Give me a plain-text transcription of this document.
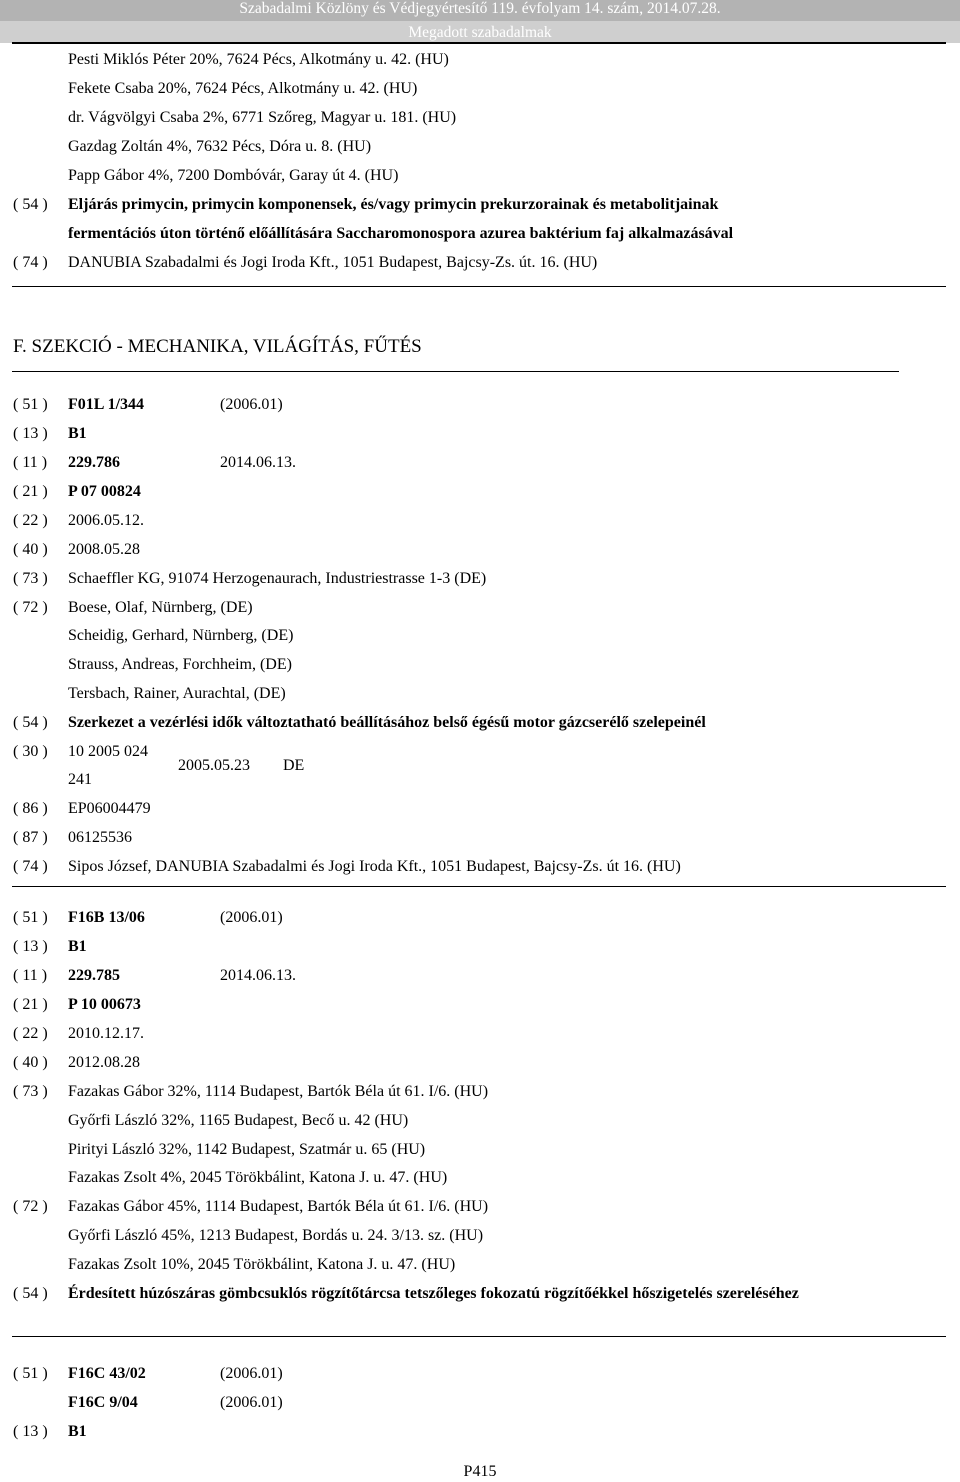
Szabadalmi Közlöny és Védjegyértesítő 119. évfolyam 14. szám, 2014.07.28.
Megadott szabadalmak
Pesti Miklós Péter 20%, 7624 Pécs, Alkotmány u. 42. (HU)
Fekete Csaba 20%, 7624 Pécs, Alkotmány u. 42. (HU)
dr. Vágvölgyi Csaba 2%, 6771 Szőreg, Magyar u. 181. (HU)
Gazdag Zoltán 4%, 7632 Pécs, Dóra u. 8. (HU)
Papp Gábor 4%, 7200 Dombóvár, Garay út 4. (HU)
( 54 ) Eljárás primycin, primycin komponensek, és/vagy primycin prekurzorainak és metabolitjainak
fermentációs úton történő előállítására Saccharomonospora azurea baktérium faj alkalmazásával
( 74 ) DANUBIA Szabadalmi és Jogi Iroda Kft., 1051 Budapest, Bajcsy-Zs. út. 16. (HU)
F. SZEKCIÓ - MECHANIKA, VILÁGÍTÁS, FŰTÉS
( 51 ) F01L 1/344	(2006.01)
( 13 ) B1
( 11 ) 229.786	2014.06.13.
( 21 ) P 07 00824
( 22 ) 2006.05.12.
( 40 ) 2008.05.28
( 73 ) Schaeffler KG, 91074 Herzogenaurach, Industriestrasse 1-3 (DE)
( 72 ) Boese, Olaf, Nürnberg, (DE)
Scheidig, Gerhard, Nürnberg, (DE)
Strauss, Andreas, Forchheim, (DE)
Tersbach, Rainer, Aurachtal, (DE)
( 54 ) Szerkezet a vezérlési idők változtatható beállításához belső égésű motor gázcserélő szelepeinél
( 30 ) 10 2005 024
241
2005.05.23 DE
( 86 ) EP06004479
( 87 ) 06125536
( 74 ) Sipos József, DANUBIA Szabadalmi és Jogi Iroda Kft., 1051 Budapest, Bajcsy-Zs. út 16. (HU)
( 51 ) F16B 13/06	(2006.01)
( 13 ) B1
( 11 ) 229.785	2014.06.13.
( 21 ) P 10 00673
( 22 ) 2010.12.17.
( 40 ) 2012.08.28
( 73 ) Fazakas Gábor 32%, 1114 Budapest, Bartók Béla út 61. I/6. (HU)
Győrfi László 32%, 1165 Budapest, Becő u. 42 (HU)
Pirityi László 32%, 1142 Budapest, Szatmár u. 65 (HU)
Fazakas Zsolt 4%, 2045 Törökbálint, Katona J. u. 47. (HU)
( 72 ) Fazakas Gábor 45%, 1114 Budapest, Bartók Béla út 61. I/6. (HU)
Győrfi László 45%, 1213 Budapest, Bordás u. 24. 3/13. sz. (HU)
Fazakas Zsolt 10%, 2045 Törökbálint, Katona J. u. 47. (HU)
( 54 ) Érdesített húzószáras gömbcsuklós rögzítőtárcsa tetszőleges fokozatú rögzítőékkel hőszigetelés szereléséhez
( 51 ) F16C 43/02	(2006.01)
F16C 9/04	(2006.01)
( 13 ) B1
P415
